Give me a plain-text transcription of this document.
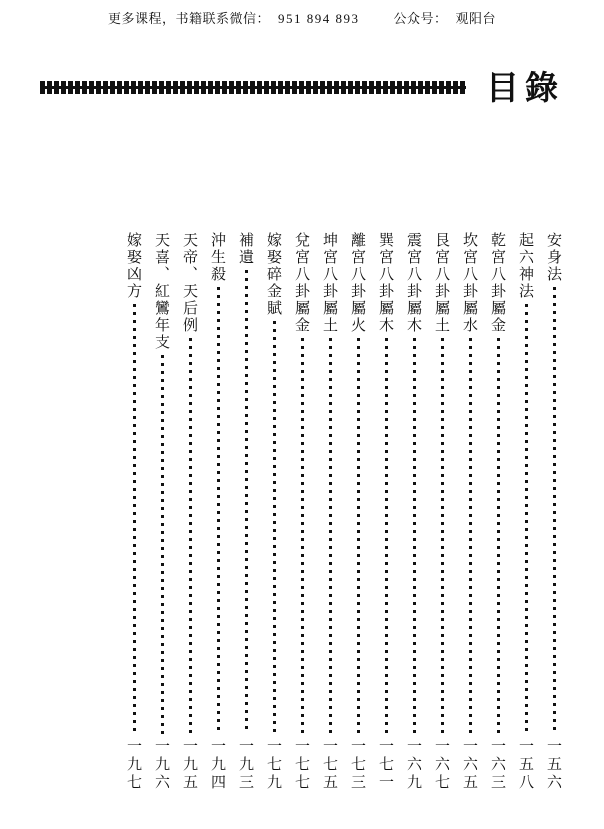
更多课程，书籍联系微信： 951 894 893	公众号： 观阳台
目錄
安身法
一五六
起六神法
一五八
乾宮八卦屬金
一六三
坎宮八卦屬水
一六五
艮宮八卦屬土
一六七
震宮八卦屬木
一六九
巽宮八卦屬木
一七一
離宮八卦屬火
一七三
坤宮八卦屬土
一七五
兌宮八卦屬金
一七七
嫁娶碎金賦
一七九
補遺
一九三
沖生殺
一九四
天帝、天后例
一九五
天喜、紅鸞年支
一九六
嫁娶凶方
一九七
